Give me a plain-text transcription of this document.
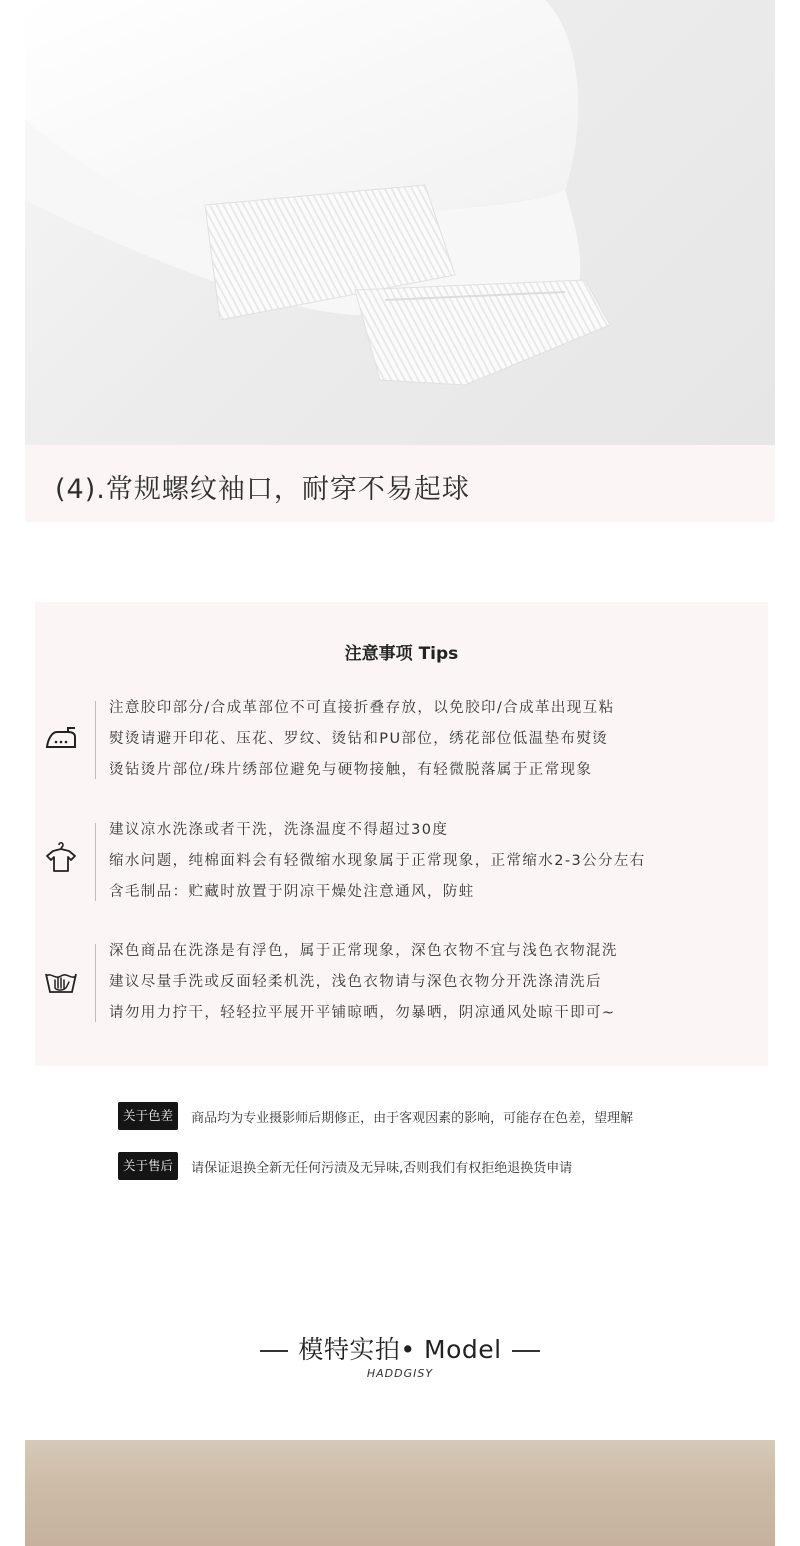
(4).常规螺纹袖口，耐穿不易起球
注意事项 Tips
注意胶印部分/合成革部位不可直接折叠存放，以免胶印/合成革出现互粘
熨烫请避开印花、压花、罗纹、烫钻和PU部位，绣花部位低温垫布熨烫
烫钻烫片部位/珠片绣部位避免与硬物接触，有轻微脱落属于正常现象
建议凉水洗涤或者干洗，洗涤温度不得超过30度
缩水问题，纯棉面料会有轻微缩水现象属于正常现象，正常缩水2-3公分左右
含毛制品：贮藏时放置于阴凉干燥处注意通风，防蛀
深色商品在洗涤是有浮色，属于正常现象，深色衣物不宜与浅色衣物混洗
建议尽量手洗或反面轻柔机洗，浅色衣物请与深色衣物分开洗涤清洗后
请勿用力拧干，轻轻拉平展开平铺晾晒，勿暴晒，阴凉通风处晾干即可~
关于色差 商品均为专业摄影师后期修正，由于客观因素的影响，可能存在色差，望理解
关于售后 请保证退换全新无任何污渍及无异味,否则我们有权拒绝退换货申请
模特实拍• Model
HADDGISY
